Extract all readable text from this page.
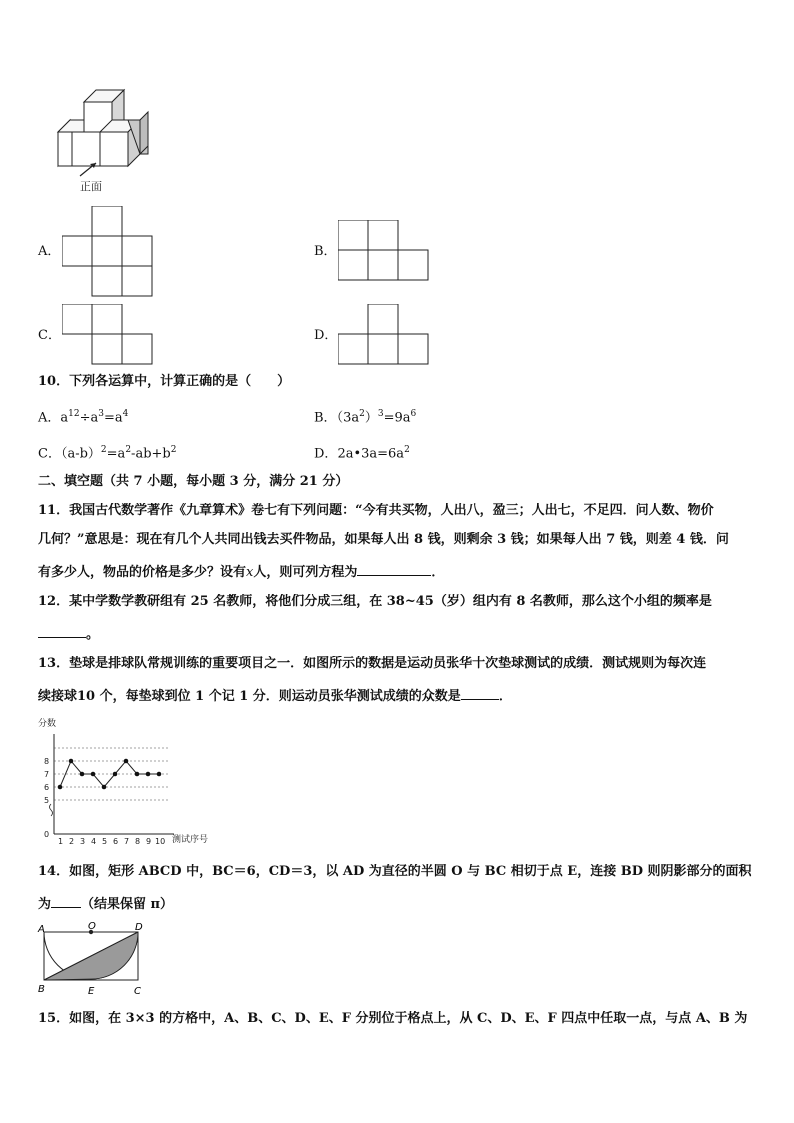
正面
A．	B．
C．	D．
10．下列各运算中，计算正确的是（　　）
A．$a^{12}\div a^3=a^4$	B．$(3a^2)^3=9a^6$
C．$(a-b)^2=a^2-ab+b^2$	D．$2a•3a=6a^2$
二、填空题（共 7 小题，每小题 3 分，满分 21 分）
11．我国古代数学著作《九章算术》卷七有下列问题：“今有共买物，人出八，盈三；人出七，不足四．问人数、物价
几何？”意思是：现在有几个人共同出钱去买件物品，如果每人出 8 钱，则剩余 3 钱；如果每人出 7 钱，则差 4 钱．问
有多少人，物品的价格是多少？设有x人，则可列方程为	．
12．某中学数学教研组有 25 名教师，将他们分成三组，在 38~45（岁）组内有 8 名教师，那么这个小组的频率是
。
13．垫球是排球队常规训练的重要项目之一．如图所示的数据是运动员张华十次垫球测试的成绩．测试规则为每次连
续接球10 个，每垫球到位 1 个记 1 分．则运动员张华测试成绩的众数是	．
分数
测试序号
0
5
6
7
8
1 2 3 4 5 6 7 8 9 10
14．如图，矩形 ABCD 中，BC＝6，CD＝3，以 AD 为直径的半圆 O 与 BC 相切于点 E，连接 BD 则阴影部分的面积
为 （结果保留 π）
A	O	D
B	E	C
15．如图，在 3×3 的方格中，A、B、C、D、E、F 分别位于格点上，从 C、D、E、F 四点中任取一点，与点 A、B 为
